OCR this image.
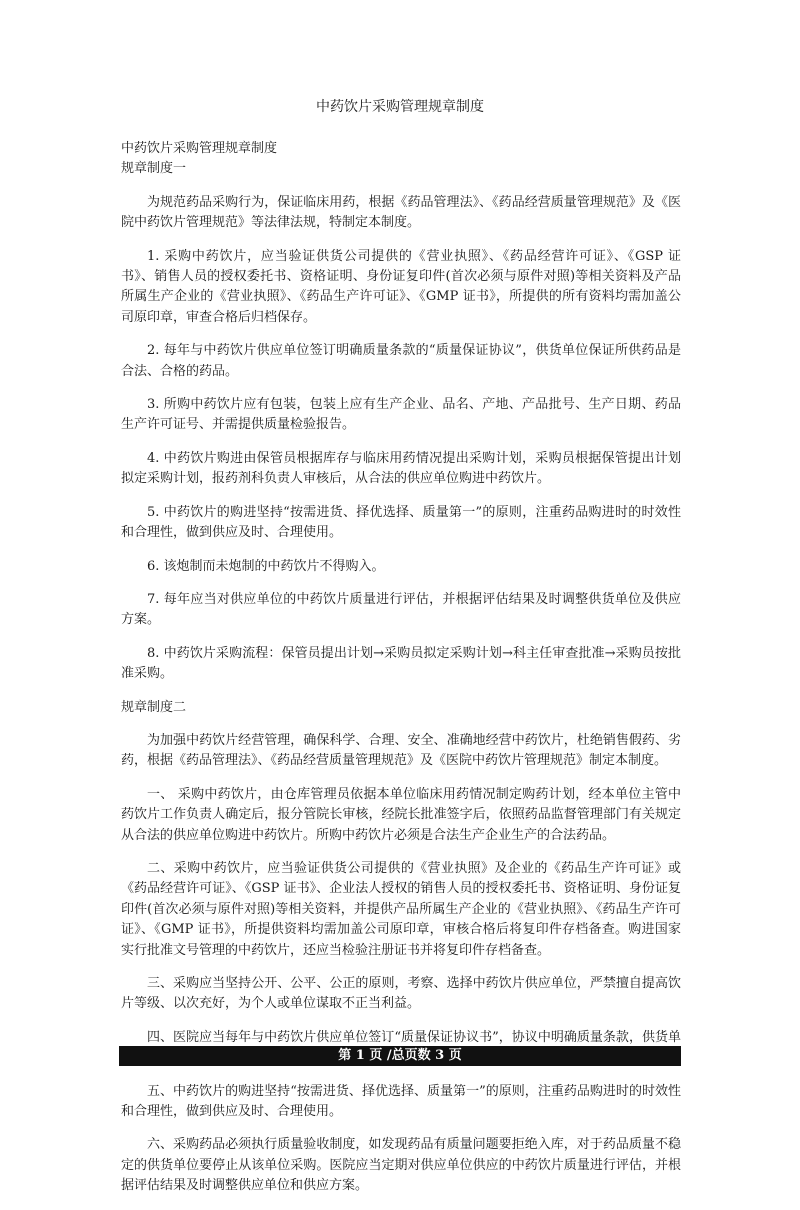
中药饮片采购管理规章制度

中药饮片采购管理规章制度

规章制度一

为规范药品采购行为，保证临床用药，根据《药品管理法》、《药品经营质量管理规范》及《医院中药饮片管理规范》等法律法规，特制定本制度。

1. 采购中药饮片，应当验证供货公司提供的《营业执照》、《药品经营许可证》、《GSP 证书》、销售人员的授权委托书、资格证明、身份证复印件(首次必须与原件对照)等相关资料及产品所属生产企业的《营业执照》、《药品生产许可证》、《GMP 证书》，所提供的所有资料均需加盖公司原印章，审查合格后归档保存。

2. 每年与中药饮片供应单位签订明确质量条款的“质量保证协议”，供货单位保证所供药品是合法、合格的药品。

3. 所购中药饮片应有包装，包装上应有生产企业、品名、产地、产品批号、生产日期、药品生产许可证号、并需提供质量检验报告。

4. 中药饮片购进由保管员根据库存与临床用药情况提出采购计划，采购员根据保管提出计划拟定采购计划，报药剂科负责人审核后，从合法的供应单位购进中药饮片。

5. 中药饮片的购进坚持“按需进货、择优选择、质量第一”的原则，注重药品购进时的时效性和合理性，做到供应及时、合理使用。

6. 该炮制而未炮制的中药饮片不得购入。

7. 每年应当对供应单位的中药饮片质量进行评估，并根据评估结果及时调整供货单位及供应方案。

8. 中药饮片采购流程：保管员提出计划→采购员拟定采购计划→科主任审查批准→采购员按批准采购。

规章制度二

为加强中药饮片经营管理，确保科学、合理、安全、准确地经营中药饮片，杜绝销售假药、劣药，根据《药品管理法》、《药品经营质量管理规范》及《医院中药饮片管理规范》制定本制度。

一、 采购中药饮片，由仓库管理员依据本单位临床用药情况制定购药计划，经本单位主管中药饮片工作负责人确定后，报分管院长审核，经院长批准签字后，依照药品监督管理部门有关规定从合法的供应单位购进中药饮片。所购中药饮片必须是合法生产企业生产的合法药品。

二、采购中药饮片，应当验证供货公司提供的《营业执照》及企业的《药品生产许可证》或《药品经营许可证》、《GSP 证书》、企业法人授权的销售人员的授权委托书、资格证明、身份证复印件(首次必须与原件对照)等相关资料，并提供产品所属生产企业的《营业执照》、《药品生产许可证》、《GMP 证书》，所提供资料均需加盖公司原印章，审核合格后将复印件存档备查。购进国家实行批准文号管理的中药饮片，还应当检验注册证书并将复印件存档备查。

三、采购应当坚持公开、公平、公正的原则，考察、选择中药饮片供应单位，严禁擅自提高饮片等级、以次充好，为个人或单位谋取不正当利益。

四、医院应当每年与中药饮片供应单位签订“质量保证协议书”，协议中明确质量条款，供货单

五、中药饮片的购进坚持“按需进货、择优选择、质量第一”的原则，注重药品购进时的时效性和合理性，做到供应及时、合理使用。

六、采购药品必须执行质量验收制度，如发现药品有质量问题要拒绝入库，对于药品质量不稳定的供货单位要停止从该单位采购。医院应当定期对供应单位供应的中药饮片质量进行评估，并根据评估结果及时调整供应单位和供应方案。

第 1 页 /总页数 3 页
